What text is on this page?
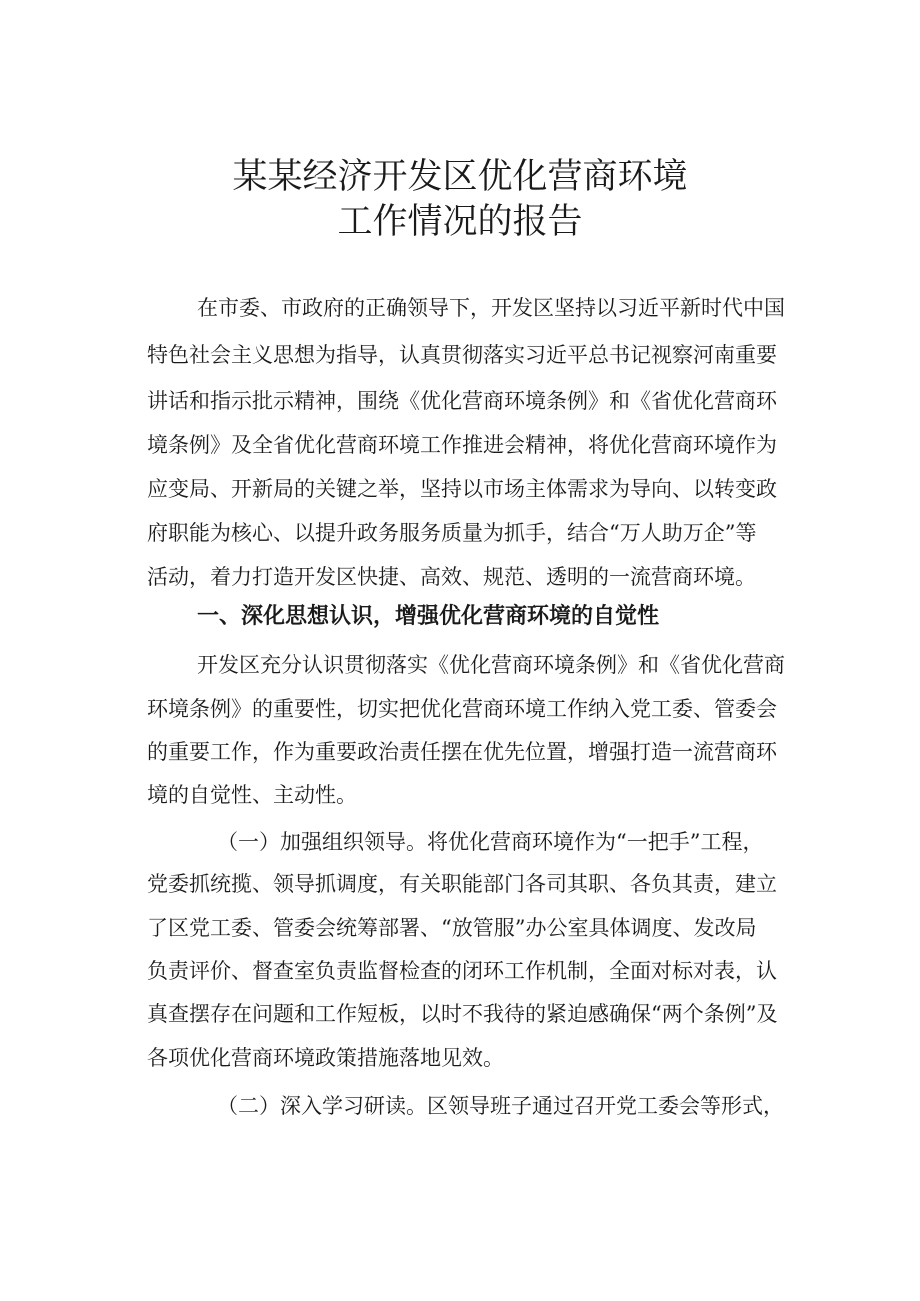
某某经济开发区优化营商环境
工作情况的报告
在市委、市政府的正确领导下，开发区坚持以习近平新时代中国
特色社会主义思想为指导，认真贯彻落实习近平总书记视察河南重要
讲话和指示批示精神，围绕《优化营商环境条例》和《省优化营商环
境条例》及全省优化营商环境工作推进会精神，将优化营商环境作为
应变局、开新局的关键之举，坚持以市场主体需求为导向、以转变政
府职能为核心、以提升政务服务质量为抓手，结合“万人助万企”等
活动，着力打造开发区快捷、高效、规范、透明的一流营商环境。
一、深化思想认识，增强优化营商环境的自觉性
开发区充分认识贯彻落实《优化营商环境条例》和《省优化营商
环境条例》的重要性，切实把优化营商环境工作纳入党工委、管委会
的重要工作，作为重要政治责任摆在优先位置，增强打造一流营商环
境的自觉性、主动性。
（一）加强组织领导。将优化营商环境作为“一把手”工程，
党委抓统揽、领导抓调度，有关职能部门各司其职、各负其责，建立
了区党工委、管委会统筹部署、“放管服”办公室具体调度、发改局
负责评价、督查室负责监督检查的闭环工作机制，全面对标对表，认
真查摆存在问题和工作短板，以时不我待的紧迫感确保“两个条例”及
各项优化营商环境政策措施落地见效。
（二）深入学习研读。区领导班子通过召开党工委会等形式，
